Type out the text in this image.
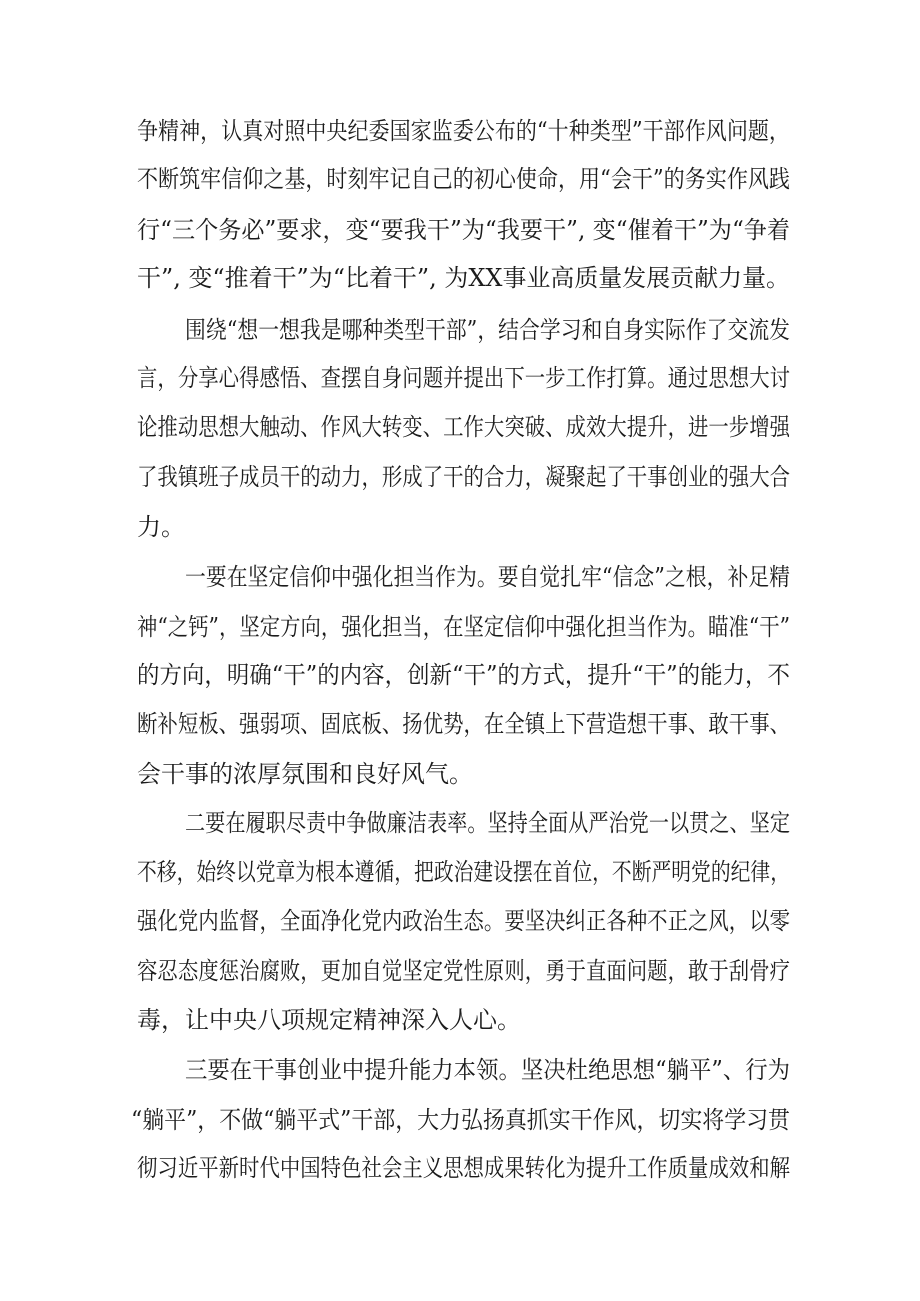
争精神，认真对照中央纪委国家监委公布的“十种类型”干部作风问题，
不断筑牢信仰之基，时刻牢记自己的初心使命，用“会干”的务实作风践
行“三个务必”要求，变“要我干”为“我要干”, 变“催着干”为“争着
干”, 变“推着干”为“比着干”, 为XX事业高质量发展贡献力量。
围绕“想一想我是哪种类型干部”，结合学习和自身实际作了交流发
言，分享心得感悟、查摆自身问题并提出下一步工作打算。通过思想大讨
论推动思想大触动、作风大转变、工作大突破、成效大提升，进一步增强
了我镇班子成员干的动力，形成了干的合力，凝聚起了干事创业的强大合
力。
一要在坚定信仰中强化担当作为。要自觉扎牢“信念”之根，补足精
神“之钙”，坚定方向，强化担当，在坚定信仰中强化担当作为。瞄准“干”
的方向，明确“干”的内容，创新“干”的方式，提升“干”的能力，不
断补短板、强弱项、固底板、扬优势，在全镇上下营造想干事、敢干事、
会干事的浓厚氛围和良好风气。
二要在履职尽责中争做廉洁表率。坚持全面从严治党一以贯之、坚定
不移，始终以党章为根本遵循，把政治建设摆在首位，不断严明党的纪律，
强化党内监督，全面净化党内政治生态。要坚决纠正各种不正之风，以零
容忍态度惩治腐败，更加自觉坚定党性原则，勇于直面问题，敢于刮骨疗
毒，让中央八项规定精神深入人心。
三要在干事创业中提升能力本领。坚决杜绝思想“躺平”、行为
“躺平”，不做“躺平式”干部，大力弘扬真抓实干作风，切实将学习贯
彻习近平新时代中国特色社会主义思想成果转化为提升工作质量成效和解
